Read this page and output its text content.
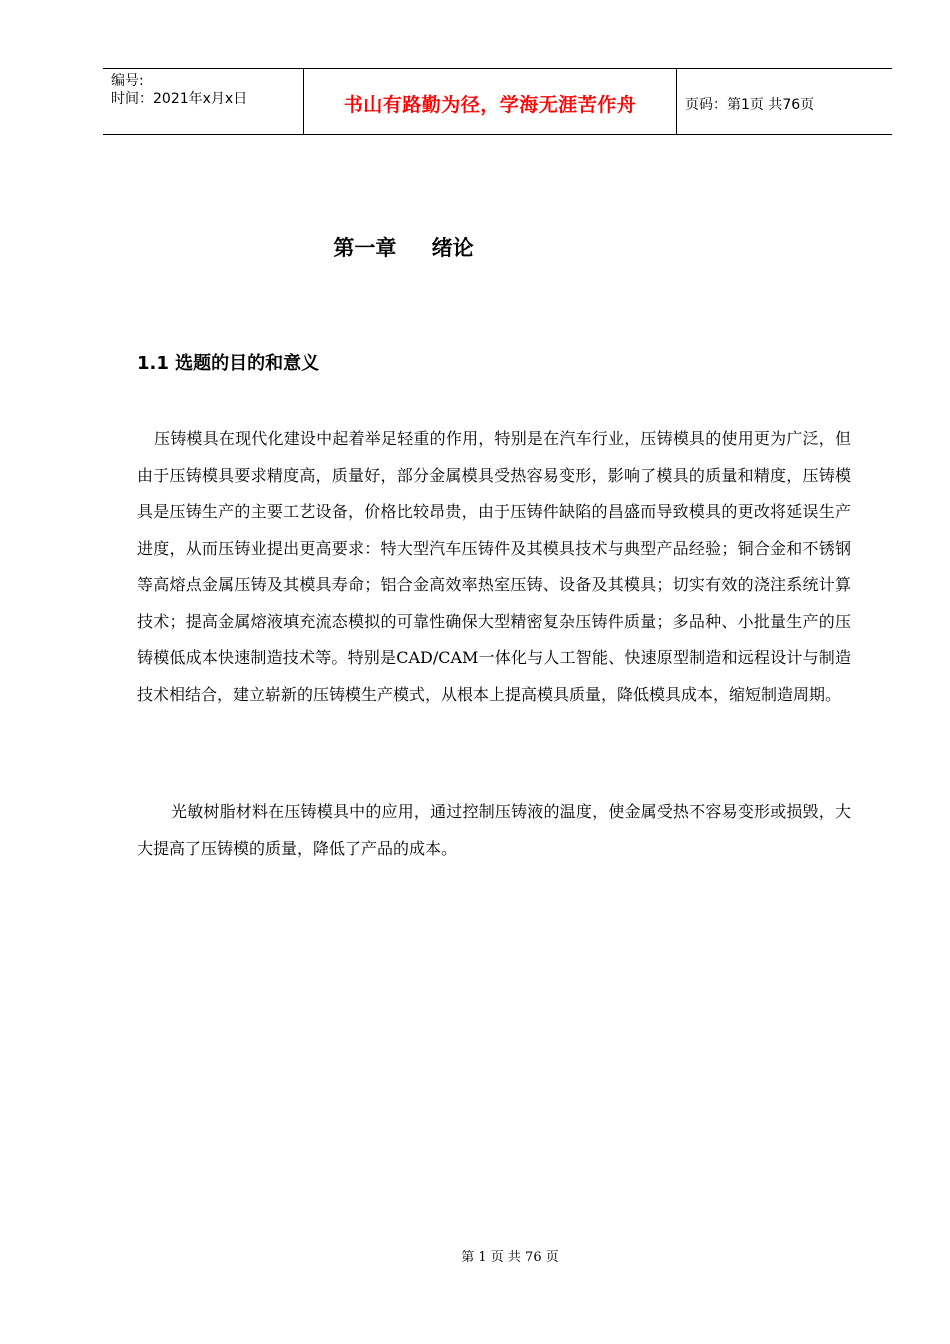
编号:
时间：2021年x月x日	书山有路勤为径，学海无涯苦作舟	页码：第1页 共76页
第一章 绪论
1.1 选题的目的和意义

压铸模具在现代化建设中起着举足轻重的作用，特别是在汽车行业，压铸模具的使用更为广泛，但由于压铸模具要求精度高，质量好，部分金属模具受热容易变形，影响了模具的质量和精度，压铸模具是压铸生产的主要工艺设备，价格比较昂贵，由于压铸件缺陷的昌盛而导致模具的更改将延误生产进度，从而压铸业提出更高要求：特大型汽车压铸件及其模具技术与典型产品经验；铜合金和不锈钢等高熔点金属压铸及其模具寿命；铝合金高效率热室压铸、设备及其模具；切实有效的浇注系统计算技术；提高金属熔液填充流态模拟的可靠性确保大型精密复杂压铸件质量；多品种、小批量生产的压铸模低成本快速制造技术等。特别是CAD/CAM一体化与人工智能、快速原型制造和远程设计与制造技术相结合，建立崭新的压铸模生产模式，从根本上提高模具质量，降低模具成本，缩短制造周期。

光敏树脂材料在压铸模具中的应用，通过控制压铸液的温度，使金属受热不容易变形或损毁，大大提高了压铸模的质量，降低了产品的成本。

第 1 页 共 76 页
